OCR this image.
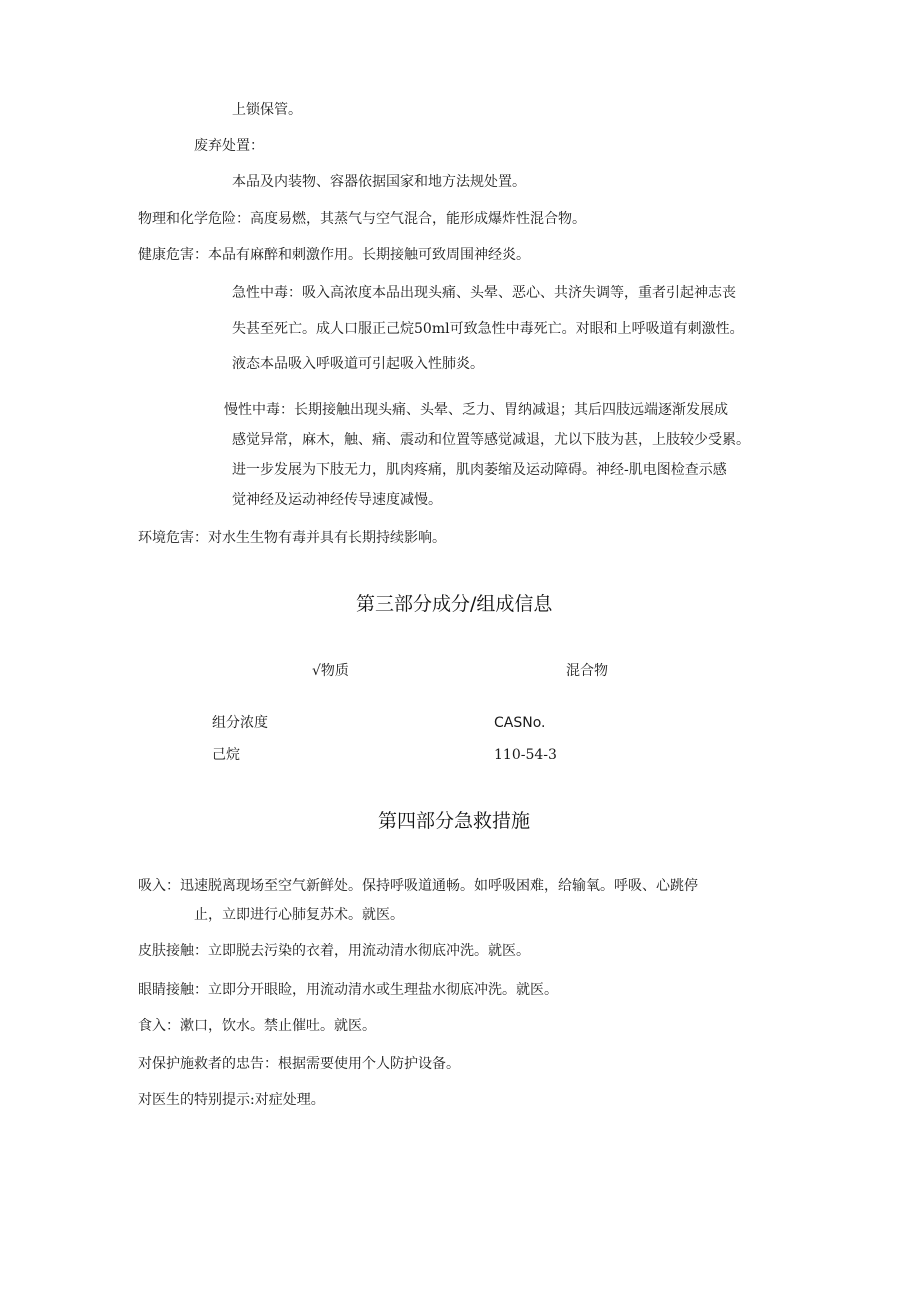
上锁保管。
废弃处置：
本品及内装物、容器依据国家和地方法规处置。
物理和化学危险：高度易燃，其蒸气与空气混合，能形成爆炸性混合物。
健康危害：本品有麻醉和刺激作用。长期接触可致周围神经炎。
急性中毒：吸入高浓度本品出现头痛、头晕、恶心、共济失调等，重者引起神志丧
失甚至死亡。成人口服正己烷50ml可致急性中毒死亡。对眼和上呼吸道有刺激性。
液态本品吸入呼吸道可引起吸入性肺炎。
慢性中毒：长期接触出现头痛、头晕、乏力、胃纳减退；其后四肢远端逐渐发展成
感觉异常，麻木，触、痛、震动和位置等感觉减退，尤以下肢为甚，上肢较少受累。
进一步发展为下肢无力，肌肉疼痛，肌肉萎缩及运动障碍。神经-肌电图检查示感
觉神经及运动神经传导速度减慢。
环境危害：对水生生物有毒并具有长期持续影响。
第三部分成分/组成信息
√物质	混合物
组分浓度	CASNo.
己烷	110-54-3
第四部分急救措施
吸入：迅速脱离现场至空气新鲜处。保持呼吸道通畅。如呼吸困难，给输氧。呼吸、心跳停
止，立即进行心肺复苏术。就医。
皮肤接触：立即脱去污染的衣着，用流动清水彻底冲洗。就医。
眼睛接触：立即分开眼睑，用流动清水或生理盐水彻底冲洗。就医。
食入：漱口，饮水。禁止催吐。就医。
对保护施救者的忠告：根据需要使用个人防护设备。
对医生的特别提示:对症处理。
